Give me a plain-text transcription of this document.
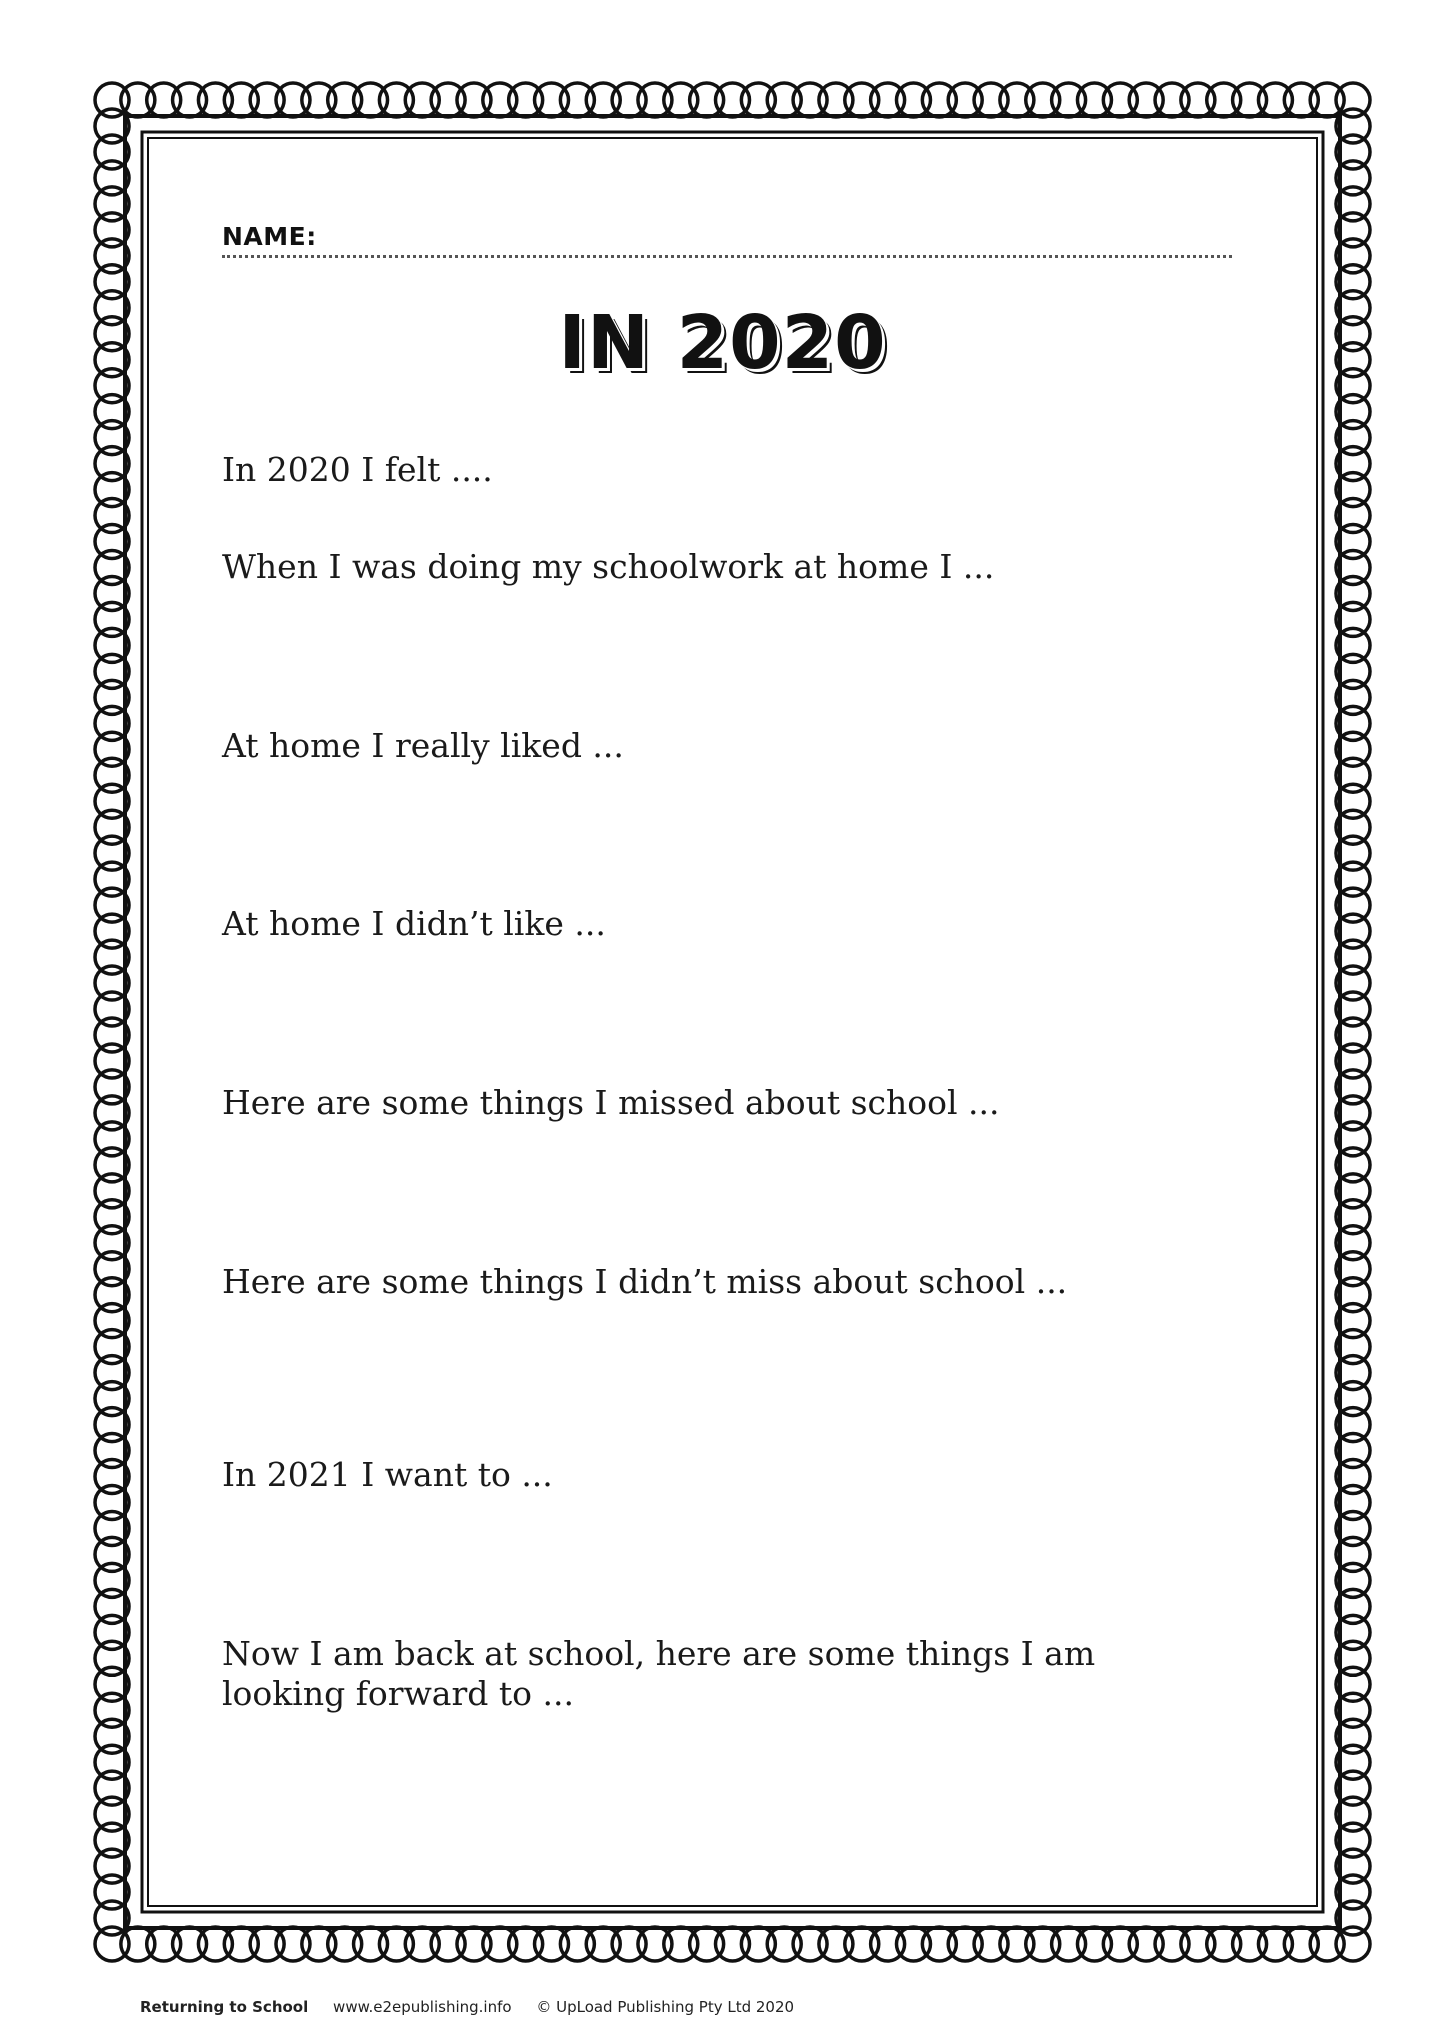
NAME:
IN 2020
In 2020 I felt ....
When I was doing my schoolwork at home I ...
At home I really liked ...
At home I didn’t like ...
Here are some things I missed about school ...
Here are some things I didn’t miss about school ...
In 2021 I want to ...
Now I am back at school, here are some things I am
looking forward to ...
Returning to School www.e2epublishing.info © UpLoad Publishing Pty Ltd 2020
